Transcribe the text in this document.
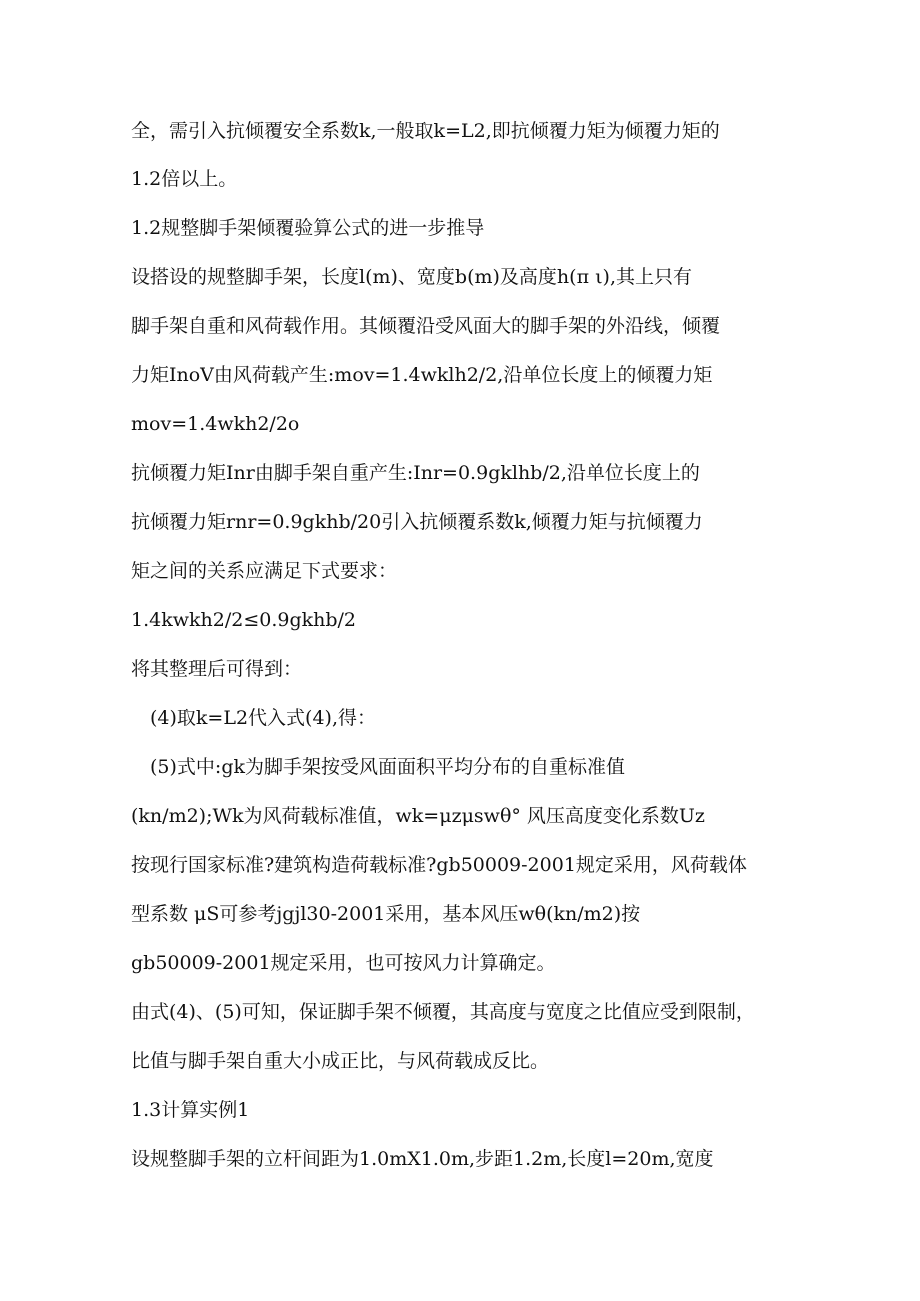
全，需引入抗倾覆安全系数k,一般取k=L2,即抗倾覆力矩为倾覆力矩的
1.2倍以上。
1.2规整脚手架倾覆验算公式的进一步推导
设搭设的规整脚手架，长度l(m)、宽度b(m)及高度h(π ι),其上只有
脚手架自重和风荷载作用。其倾覆沿受风面大的脚手架的外沿线，倾覆
力矩InoV由风荷载产生:mov=1.4wklh2/2,沿单位长度上的倾覆力矩
mov=1.4wkh2/2o
抗倾覆力矩Inr由脚手架自重产生:Inr=0.9gklhb/2,沿单位长度上的
抗倾覆力矩rnr=0.9gkhb/20引入抗倾覆系数k,倾覆力矩与抗倾覆力
矩之间的关系应满足下式要求：
1.4kwkh2/2≤0.9gkhb/2
将其整理后可得到：
(4)取k=L2代入式(4),得：
(5)式中:gk为脚手架按受风面面积平均分布的自重标准值
(kn/m2);Wk为风荷载标准值，wk=μzμswθ° 风压高度变化系数Uz
按现行国家标准?建筑构造荷载标准?gb50009-2001规定采用，风荷载体
型系数 μS可参考jgjl30-2001采用，基本风压wθ(kn/m2)按
gb50009-2001规定采用，也可按风力计算确定。
由式(4)、(5)可知，保证脚手架不倾覆，其高度与宽度之比值应受到限制，
比值与脚手架自重大小成正比，与风荷载成反比。
1.3计算实例1
设规整脚手架的立杆间距为1.0mX1.0m,步距1.2m,长度l=20m,宽度
